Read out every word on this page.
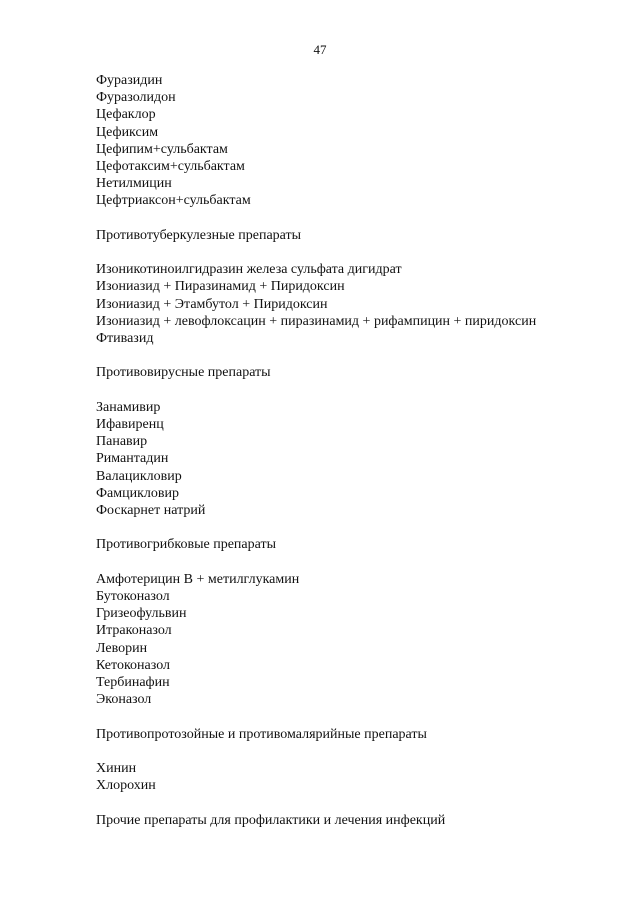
47
Фуразидин
Фуразолидон
Цефаклор
Цефиксим
Цефипим+сульбактам
Цефотаксим+сульбактам
Нетилмицин
Цефтриаксон+сульбактам
Противотуберкулезные препараты
Изоникотиноилгидразин железа сульфата дигидрат
Изониазид + Пиразинамид + Пиридоксин
Изониазид + Этамбутол + Пиридоксин
Изониазид + левофлоксацин + пиразинамид + рифампицин + пиридоксин
Фтивазид
Противовирусные препараты
Занамивир
Ифавиренц
Панавир
Римантадин
Валацикловир
Фамцикловир
Фоскарнет натрий
Противогрибковые препараты
Амфотерицин В + метилглукамин
Бутоконазол
Гризеофульвин
Итраконазол
Леворин
Кетоконазол
Тербинафин
Эконазол
Противопротозойные и противомалярийные препараты
Хинин
Хлорохин
Прочие препараты для профилактики и лечения инфекций
